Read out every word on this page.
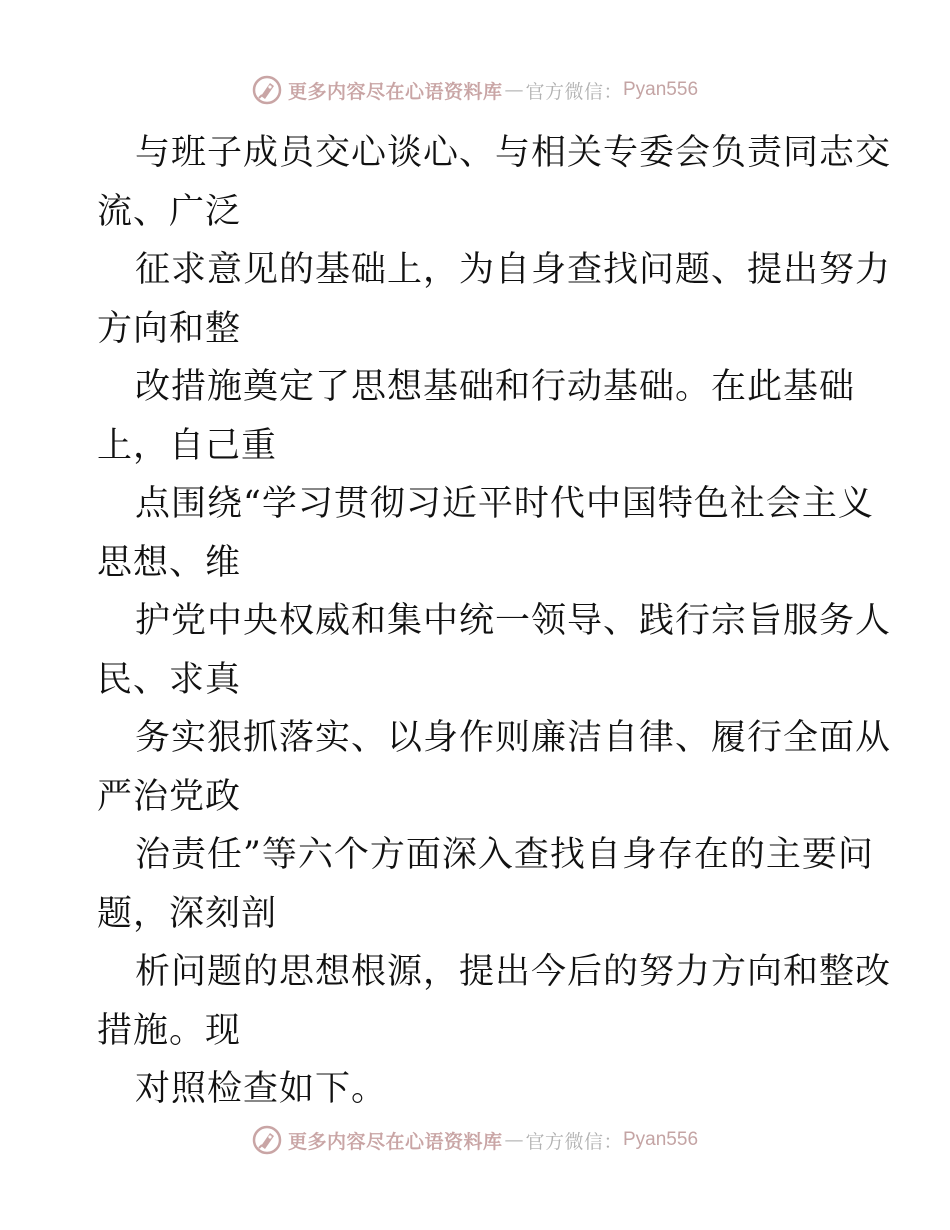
更多内容尽在心语资料库 — 官方微信： Pyan556
与班子成员交心谈心、与相关专委会负责同志交
流、广泛
征求意见的基础上，为自身查找问题、提出努力
方向和整
改措施奠定了思想基础和行动基础。在此基础
上，自己重
点围绕“学习贯彻习近平时代中国特色社会主义
思想、维
护党中央权威和集中统一领导、践行宗旨服务人
民、求真
务实狠抓落实、以身作则廉洁自律、履行全面从
严治党政
治责任”等六个方面深入查找自身存在的主要问
题，深刻剖
析问题的思想根源，提出今后的努力方向和整改
措施。现
对照检查如下。
更多内容尽在心语资料库 — 官方微信： Pyan556
